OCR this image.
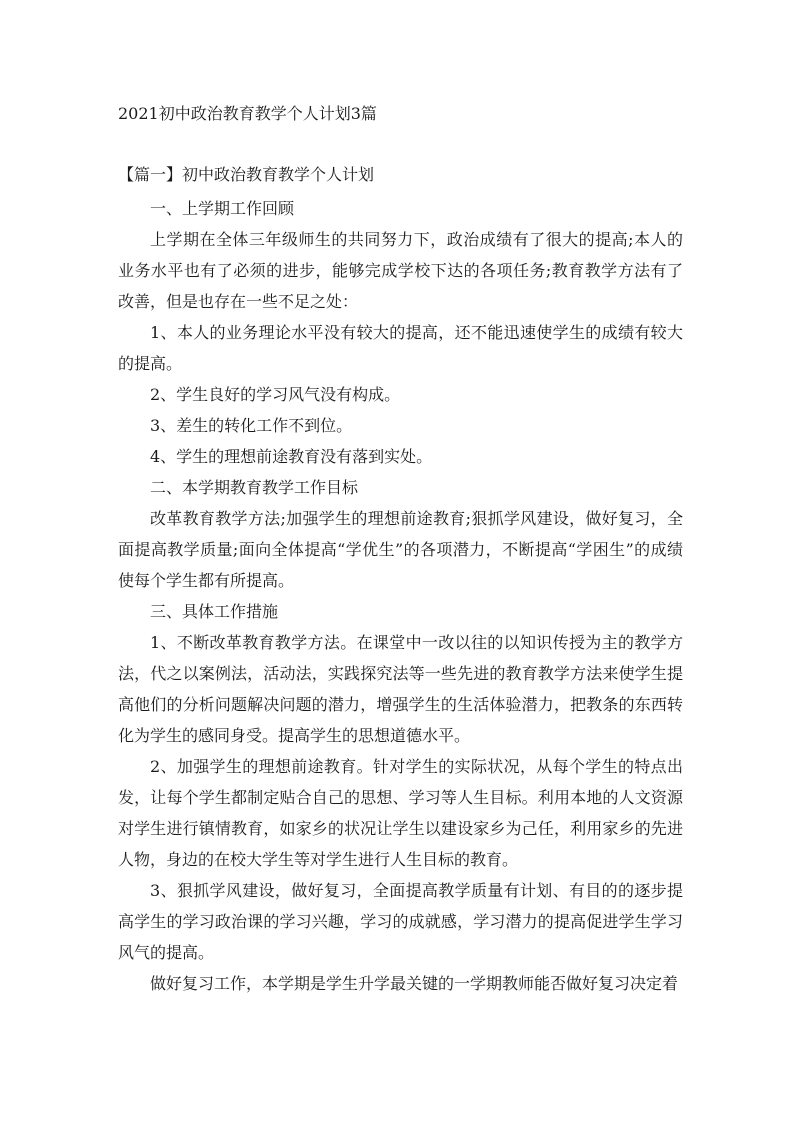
2021初中政治教育教学个人计划3篇
【篇一】初中政治教育教学个人计划

一、上学期工作回顾

上学期在全体三年级师生的共同努力下，政治成绩有了很大的提高;本人的业务水平也有了必须的进步，能够完成学校下达的各项任务;教育教学方法有了改善，但是也存在一些不足之处：

1、本人的业务理论水平没有较大的提高，还不能迅速使学生的成绩有较大的提高。

2、学生良好的学习风气没有构成。

3、差生的转化工作不到位。

4、学生的理想前途教育没有落到实处。

二、本学期教育教学工作目标

改革教育教学方法;加强学生的理想前途教育;狠抓学风建设，做好复习，全面提高教学质量;面向全体提高“学优生”的各项潜力，不断提高“学困生”的成绩使每个学生都有所提高。

三、具体工作措施

1、不断改革教育教学方法。在课堂中一改以往的以知识传授为主的教学方法，代之以案例法，活动法，实践探究法等一些先进的教育教学方法来使学生提高他们的分析问题解决问题的潜力，增强学生的生活体验潜力，把教条的东西转化为学生的感同身受。提高学生的思想道德水平。

2、加强学生的理想前途教育。针对学生的实际状况，从每个学生的特点出发，让每个学生都制定贴合自己的思想、学习等人生目标。利用本地的人文资源对学生进行镇情教育，如家乡的状况让学生以建设家乡为己任，利用家乡的先进人物，身边的在校大学生等对学生进行人生目标的教育。

3、狠抓学风建设，做好复习，全面提高教学质量有计划、有目的的逐步提高学生的学习政治课的学习兴趣，学习的成就感，学习潜力的提高促进学生学习风气的提高。

做好复习工作，本学期是学生升学最关键的一学期教师能否做好复习决定着
